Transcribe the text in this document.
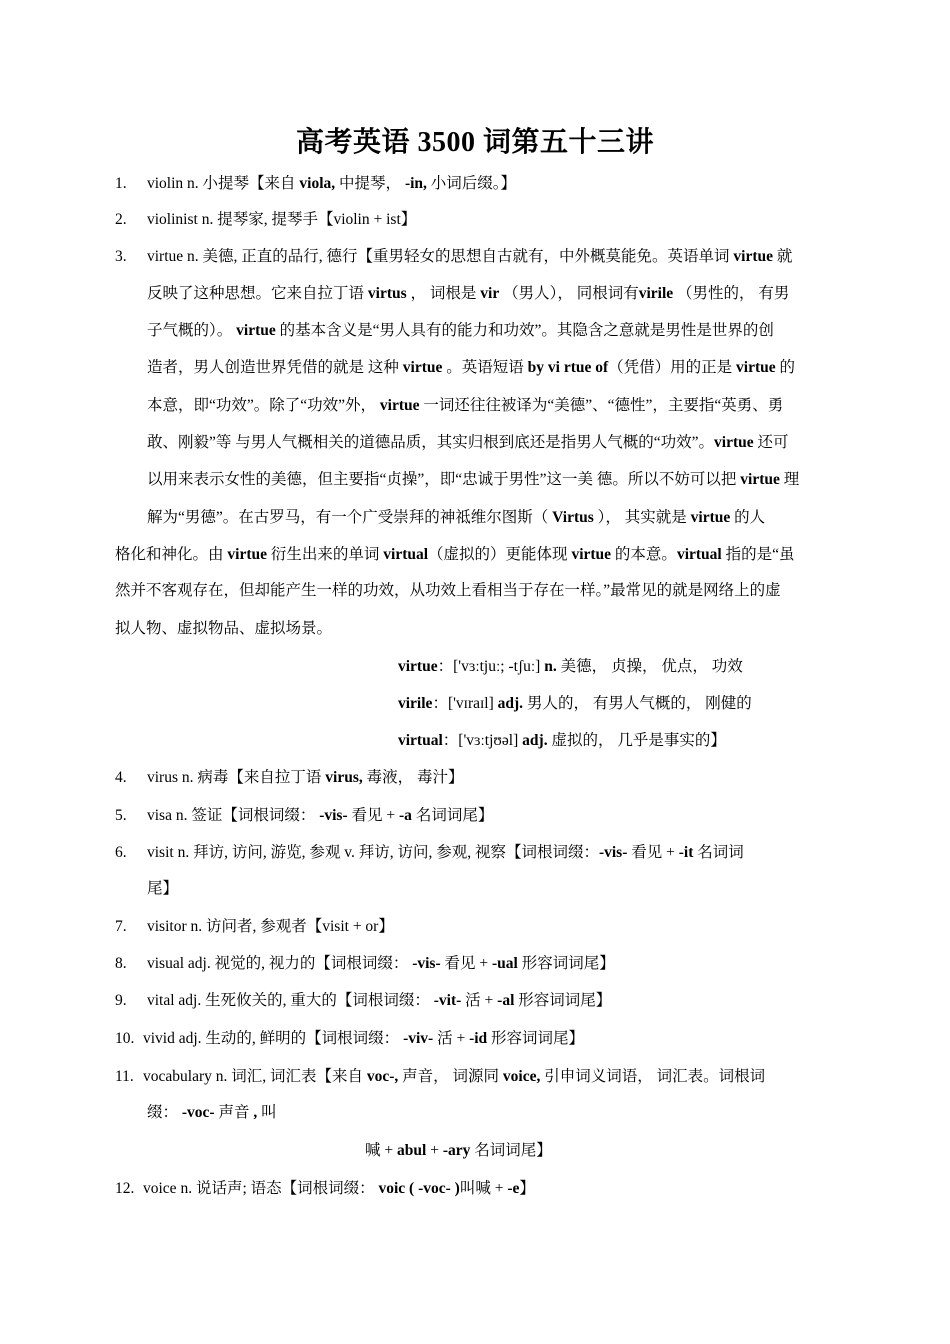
高考英语 3500 词第五十三讲
1. violin n. 小提琴【来自 viola, 中提琴， -in, 小词后缀。】
2. violinist n. 提琴家, 提琴手【violin + ist】
3. virtue n. 美德, 正直的品行, 德行【重男轻女的思想自古就有，中外概莫能免。英语单词 virtue 就
反映了这种思想。它来自拉丁语 virtus ， 词根是 vir （男人）， 同根词有virile （男性的， 有男
子气概的）。 virtue 的基本含义是“男人具有的能力和功效”。其隐含之意就是男性是世界的创
造者，男人创造世界凭借的就是 这种 virtue 。英语短语 by vi rtue of（凭借）用的正是 virtue 的
本意，即“功效”。除了“功效”外， virtue 一词还往往被译为“美德”、“德性”，主要指“英勇、勇
敢、刚毅”等 与男人气概相关的道德品质，其实归根到底还是指男人气概的“功效”。virtue 还可
以用来表示女性的美德，但主要指“贞操”，即“忠诚于男性”这一美 德。所以不妨可以把 virtue 理
解为“男德”。在古罗马，有一个广受崇拜的神祗维尔图斯（ Virtus ）， 其实就是 virtue 的人
格化和神化。由 virtue 衍生出来的单词 virtual（虚拟的）更能体现 virtue 的本意。virtual 指的是“虽
然并不客观存在，但却能产生一样的功效，从功效上看相当于存在一样。”最常见的就是网络上的虚
拟人物、虚拟物品、虚拟场景。
virtue：['vɜːtjuː; -tʃuː] n. 美德， 贞操， 优点， 功效
virile：['vɪraɪl] adj. 男人的， 有男人气概的， 刚健的
virtual：['vɜːtjʊəl] adj. 虚拟的， 几乎是事实的】
4. virus n. 病毒【来自拉丁语 virus, 毒液， 毒汁】
5. visa n. 签证【词根词缀： -vis- 看见 + -a 名词词尾】
6. visit n. 拜访, 访问, 游览, 参观 v. 拜访, 访问, 参观, 视察【词根词缀：-vis- 看见 + -it 名词词
尾】
7. visitor n. 访问者, 参观者【visit + or】
8. visual adj. 视觉的, 视力的【词根词缀： -vis- 看见 + -ual 形容词词尾】
9. vital adj. 生死攸关的, 重大的【词根词缀： -vit- 活 + -al 形容词词尾】
10. vivid adj. 生动的, 鲜明的【词根词缀： -viv- 活 + -id 形容词词尾】
11. vocabulary n. 词汇, 词汇表【来自 voc-, 声音， 词源同 voice, 引申词义词语， 词汇表。词根词
缀： -voc- 声音 , 叫
喊 + abul + -ary 名词词尾】
12. voice n. 说话声; 语态【词根词缀： voic ( -voc- )叫喊 + -e】
